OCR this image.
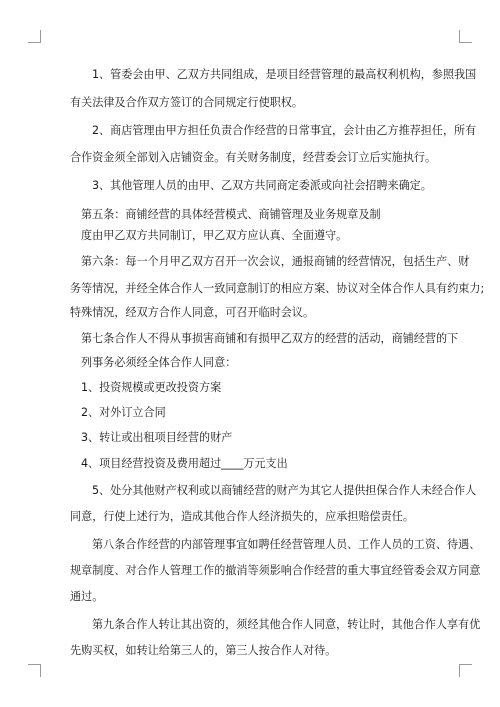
1、管委会由甲、乙双方共同组成，是项目经营管理的最高权利机构，参照我国
有关法律及合作双方签订的合同规定行使职权。
2、商店管理由甲方担任负责合作经营的日常事宜，会计由乙方推荐担任，所有
合作资金须全部划入店铺资金。有关财务制度，经营委会订立后实施执行。
3、其他管理人员的由甲、乙双方共同商定委派或向社会招聘来确定。
第五条：商铺经营的具体经营模式、商铺管理及业务规章及制
度由甲乙双方共同制订，甲乙双方应认真、全面遵守。
第六条：每一个月甲乙双方召开一次会议，通报商铺的经营情况，包括生产、财
务等情况，并经全体合作人一致同意制订的相应方案、协议对全体合作人具有约束力;
特殊情况，经双方合作人同意，可召开临时会议。
第七条合作人不得从事损害商铺和有损甲乙双方的经营的活动，商铺经营的下
列事务必须经全体合作人同意：
1、投资规模或更改投资方案
2、对外订立合同
3、转让或出租项目经营的财产
4、项目经营投资及费用超过____万元支出
5、处分其他财产权利或以商铺经营的财产为其它人提供担保合作人未经合作人
同意，行使上述行为，造成其他合作人经济损失的，应承担赔偿责任。
第八条合作经营的内部管理事宜如聘任经营管理人员、工作人员的工资、待遇、
规章制度、对合作人管理工作的撤消等须影响合作经营的重大事宜经管委会双方同意
通过。
第九条合作人转让其出资的，须经其他合作人同意，转让时，其他合作人享有优
先购买权，如转让给第三人的，第三人按合作人对待。
